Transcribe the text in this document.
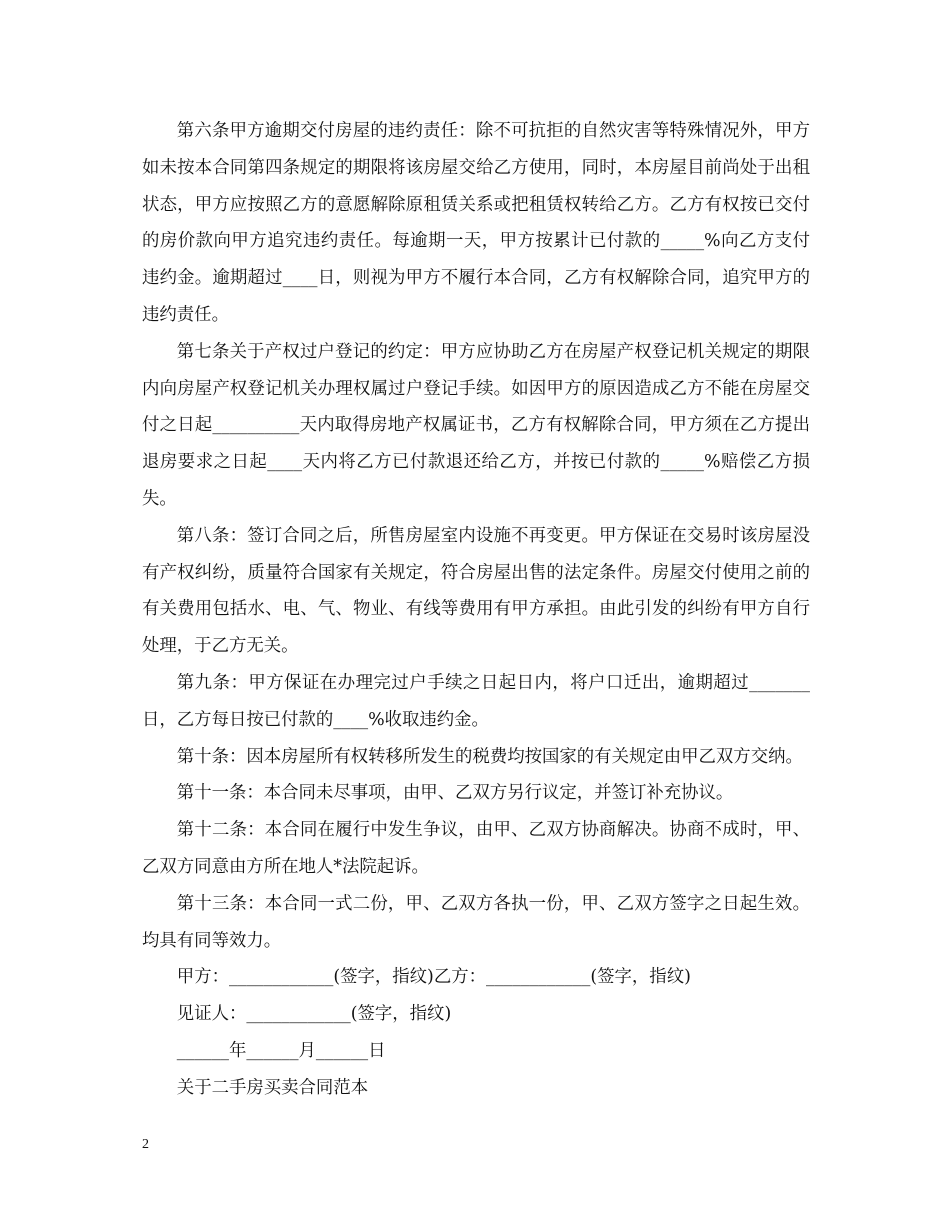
第六条甲方逾期交付房屋的违约责任：除不可抗拒的自然灾害等特殊情况外，甲方如未按本合同第四条规定的期限将该房屋交给乙方使用，同时，本房屋目前尚处于出租状态，甲方应按照乙方的意愿解除原租赁关系或把租赁权转给乙方。乙方有权按已交付的房价款向甲方追究违约责任。每逾期一天，甲方按累计已付款的_____%向乙方支付违约金。逾期超过____日，则视为甲方不履行本合同，乙方有权解除合同，追究甲方的违约责任。

第七条关于产权过户登记的约定：甲方应协助乙方在房屋产权登记机关规定的期限内向房屋产权登记机关办理权属过户登记手续。如因甲方的原因造成乙方不能在房屋交付之日起__________天内取得房地产权属证书，乙方有权解除合同，甲方须在乙方提出退房要求之日起____天内将乙方已付款退还给乙方，并按已付款的_____%赔偿乙方损失。

第八条：签订合同之后，所售房屋室内设施不再变更。甲方保证在交易时该房屋没有产权纠纷，质量符合国家有关规定，符合房屋出售的法定条件。房屋交付使用之前的有关费用包括水、电、气、物业、有线等费用有甲方承担。由此引发的纠纷有甲方自行处理，于乙方无关。

第九条：甲方保证在办理完过户手续之日起日内，将户口迁出，逾期超过_______日，乙方每日按已付款的____%收取违约金。

第十条：因本房屋所有权转移所发生的税费均按国家的有关规定由甲乙双方交纳。

第十一条：本合同未尽事项，由甲、乙双方另行议定，并签订补充协议。

第十二条：本合同在履行中发生争议，由甲、乙双方协商解决。协商不成时，甲、乙双方同意由方所在地人*法院起诉。

第十三条：本合同一式二份，甲、乙双方各执一份，甲、乙双方签字之日起生效。均具有同等效力。

甲方：____________(签字，指纹)乙方：____________(签字，指纹)

见证人：____________(签字，指纹)

______年______月______日

关于二手房买卖合同范本

2
